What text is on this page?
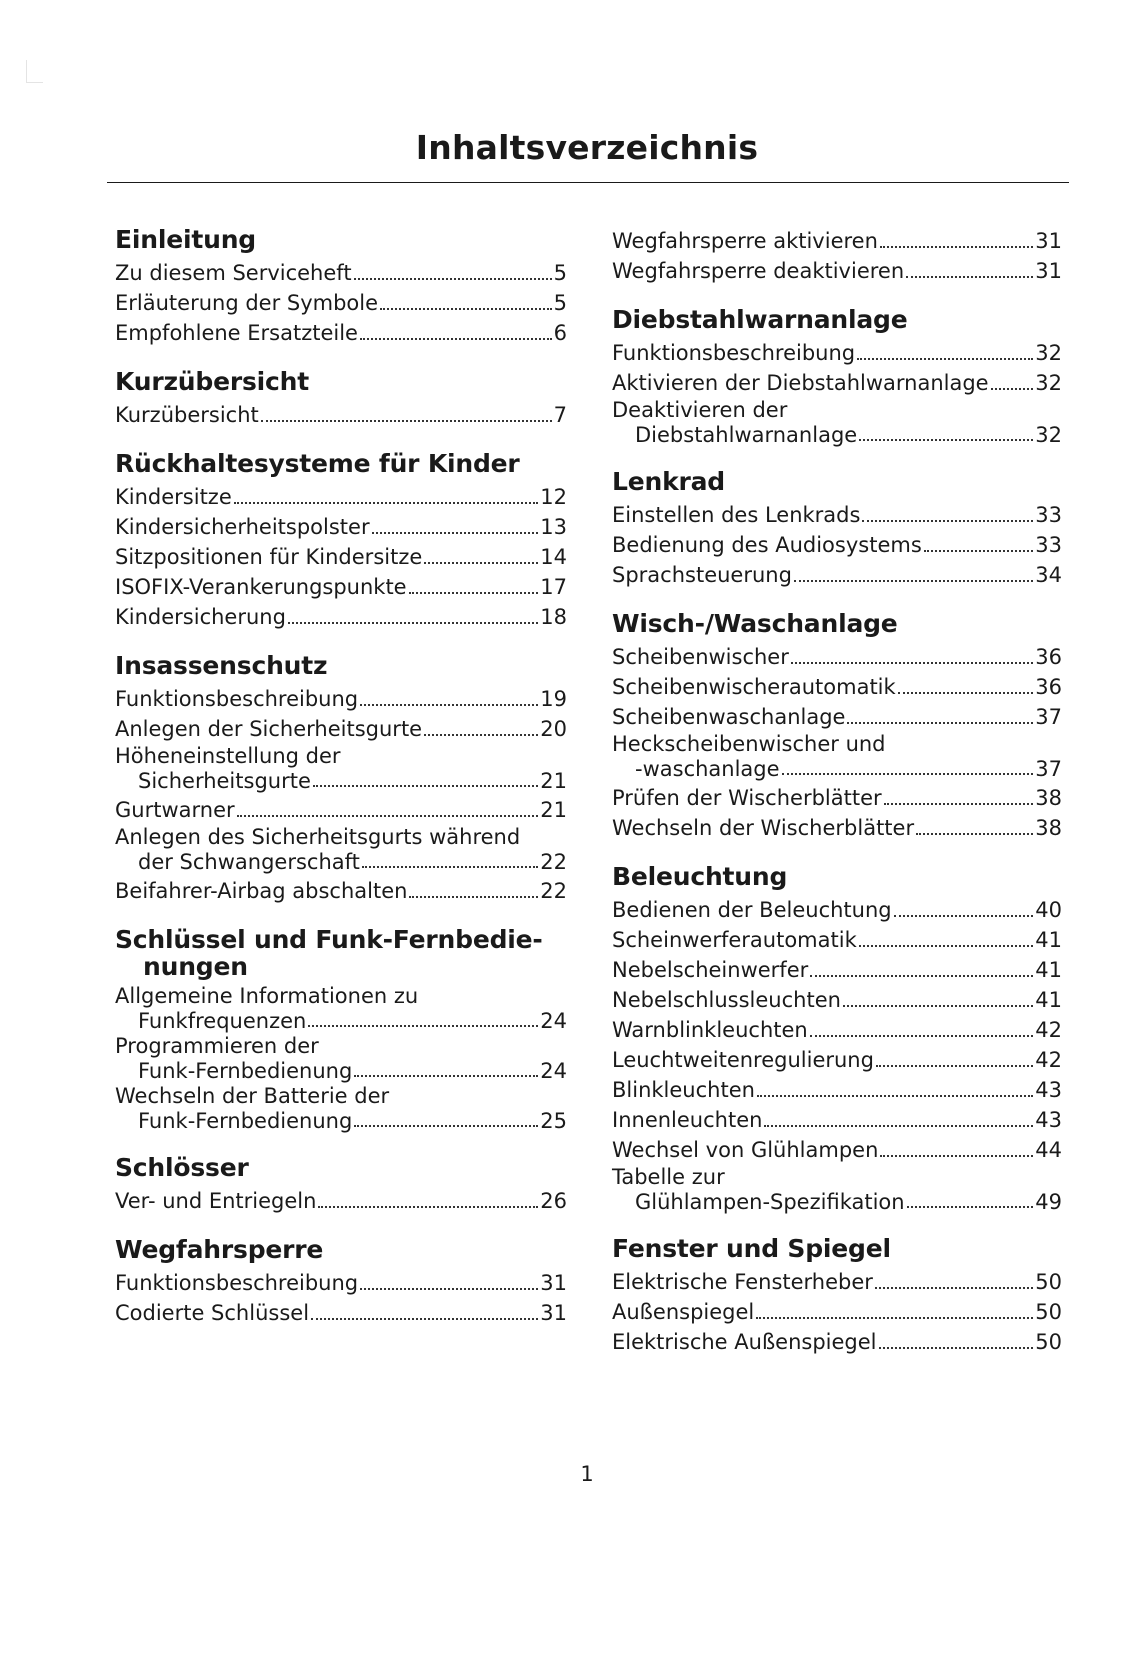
Inhaltsverzeichnis
Einleitung
Zu diesem Serviceheft	5
Erläuterung der Symbole	5
Empfohlene Ersatzteile	6
Kurzübersicht
Kurzübersicht	7
Rückhaltesysteme für Kinder
Kindersitze	12
Kindersicherheitspolster	13
Sitzpositionen für Kindersitze	14
ISOFIX-Verankerungspunkte	17
Kindersicherung	18
Insassenschutz
Funktionsbeschreibung	19
Anlegen der Sicherheitsgurte	20
Höheneinstellung der
Sicherheitsgurte	21
Gurtwarner	21
Anlegen des Sicherheitsgurts während
der Schwangerschaft	22
Beifahrer-Airbag abschalten	22
Schlüssel und Funk-Fernbedie-nungen
Allgemeine Informationen zu
Funkfrequenzen	24
Programmieren der
Funk-Fernbedienung	24
Wechseln der Batterie der
Funk-Fernbedienung	25
Schlösser
Ver- und Entriegeln	26
Wegfahrsperre
Funktionsbeschreibung	31
Codierte Schlüssel	31
Wegfahrsperre aktivieren	31
Wegfahrsperre deaktivieren	31
Diebstahlwarnanlage
Funktionsbeschreibung	32
Aktivieren der Diebstahlwarnanlage 32
Deaktivieren der
Diebstahlwarnanlage	32
Lenkrad
Einstellen des Lenkrads	33
Bedienung des Audiosystems	33
Sprachsteuerung	34
Wisch-/Waschanlage
Scheibenwischer	36
Scheibenwischerautomatik	36
Scheibenwaschanlage	37
Heckscheibenwischer und
-waschanlage	37
Prüfen der Wischerblätter	38
Wechseln der Wischerblätter	38
Beleuchtung
Bedienen der Beleuchtung	40
Scheinwerferautomatik	41
Nebelscheinwerfer	41
Nebelschlussleuchten	41
Warnblinkleuchten	42
Leuchtweitenregulierung	42
Blinkleuchten	43
Innenleuchten	43
Wechsel von Glühlampen	44
Tabelle zur
Glühlampen-Spezifikation	49
Fenster und Spiegel
Elektrische Fensterheber	50
Außenspiegel	50
Elektrische Außenspiegel	50
1
